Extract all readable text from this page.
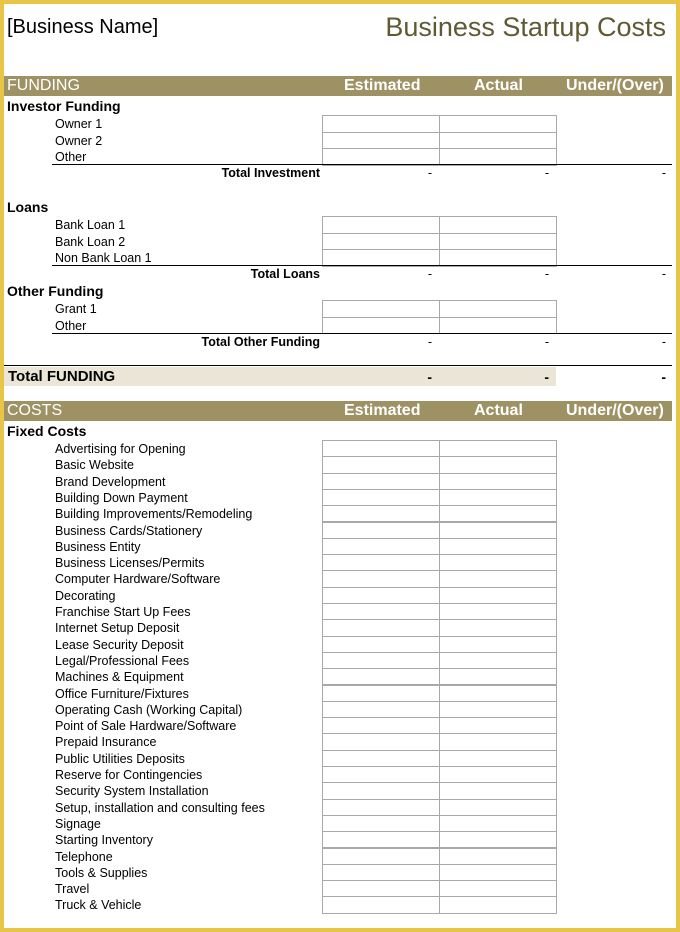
[Business Name]	Business Startup Costs
FUNDING	Estimated	Actual	Under/(Over)
Investor Funding
Owner 1
Owner 2
Other
Total Investment	-	-	-
Loans
Bank Loan 1
Bank Loan 2
Non Bank Loan 1
Total Loans	-	-	-
Other Funding
Grant 1
Other
Total Other Funding	-	-	-
Total FUNDING	-	-	-
COSTS	Estimated	Actual	Under/(Over)
Fixed Costs
Advertising for Opening
Basic Website
Brand Development
Building Down Payment
Building Improvements/Remodeling
Business Cards/Stationery
Business Entity
Business Licenses/Permits
Computer Hardware/Software
Decorating
Franchise Start Up Fees
Internet Setup Deposit
Lease Security Deposit
Legal/Professional Fees
Machines & Equipment
Office Furniture/Fixtures
Operating Cash (Working Capital)
Point of Sale Hardware/Software
Prepaid Insurance
Public Utilities Deposits
Reserve for Contingencies
Security System Installation
Setup, installation and consulting fees
Signage
Starting Inventory
Telephone
Tools & Supplies
Travel
Truck & Vehicle
